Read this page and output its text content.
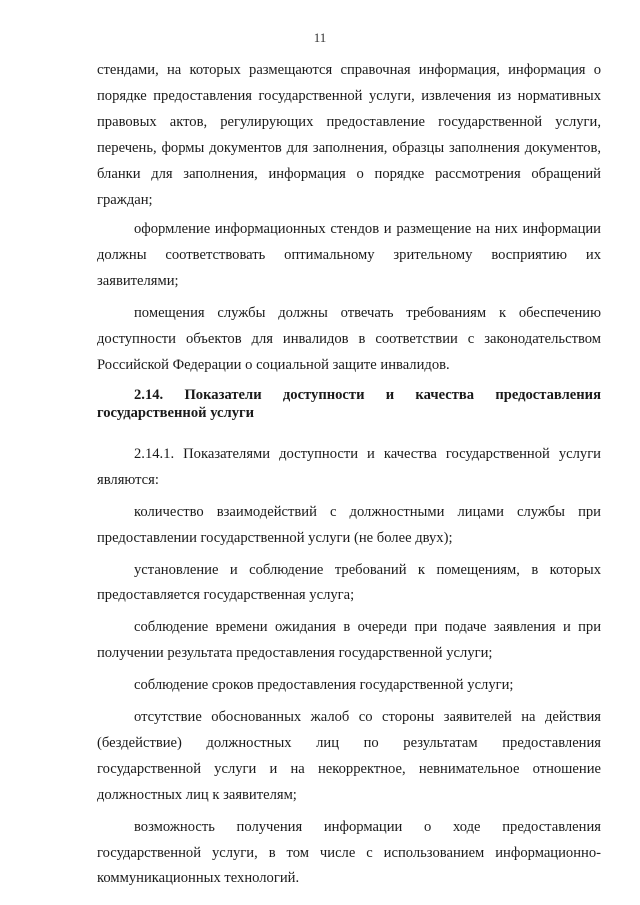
11

стендами, на которых размещаются справочная информация, информация о порядке предоставления государственной услуги, извлечения из нормативных правовых актов, регулирующих предоставление государственной услуги, перечень, формы документов для заполнения, образцы заполнения документов, бланки для заполнения, информация о порядке рассмотрения обращений граждан;

оформление информационных стендов и размещение на них информации должны соответствовать оптимальному зрительному восприятию их заявителями;

помещения службы должны отвечать требованиям к обеспечению доступности объектов для инвалидов в соответствии с законодательством Российской Федерации о социальной защите инвалидов.

2.14. Показатели доступности и качества предоставления государственной услуги

2.14.1. Показателями доступности и качества государственной услуги являются:

количество взаимодействий с должностными лицами службы при предоставлении государственной услуги (не более двух);

установление и соблюдение требований к помещениям, в которых предоставляется государственная услуга;

соблюдение времени ожидания в очереди при подаче заявления и при получении результата предоставления государственной услуги;

соблюдение сроков предоставления государственной услуги;

отсутствие обоснованных жалоб со стороны заявителей на действия (бездействие) должностных лиц по результатам предоставления государственной услуги и на некорректное, невнимательное отношение должностных лиц к заявителям;

возможность получения информации о ходе предоставления государственной услуги, в том числе с использованием информационно-коммуникационных технологий.
